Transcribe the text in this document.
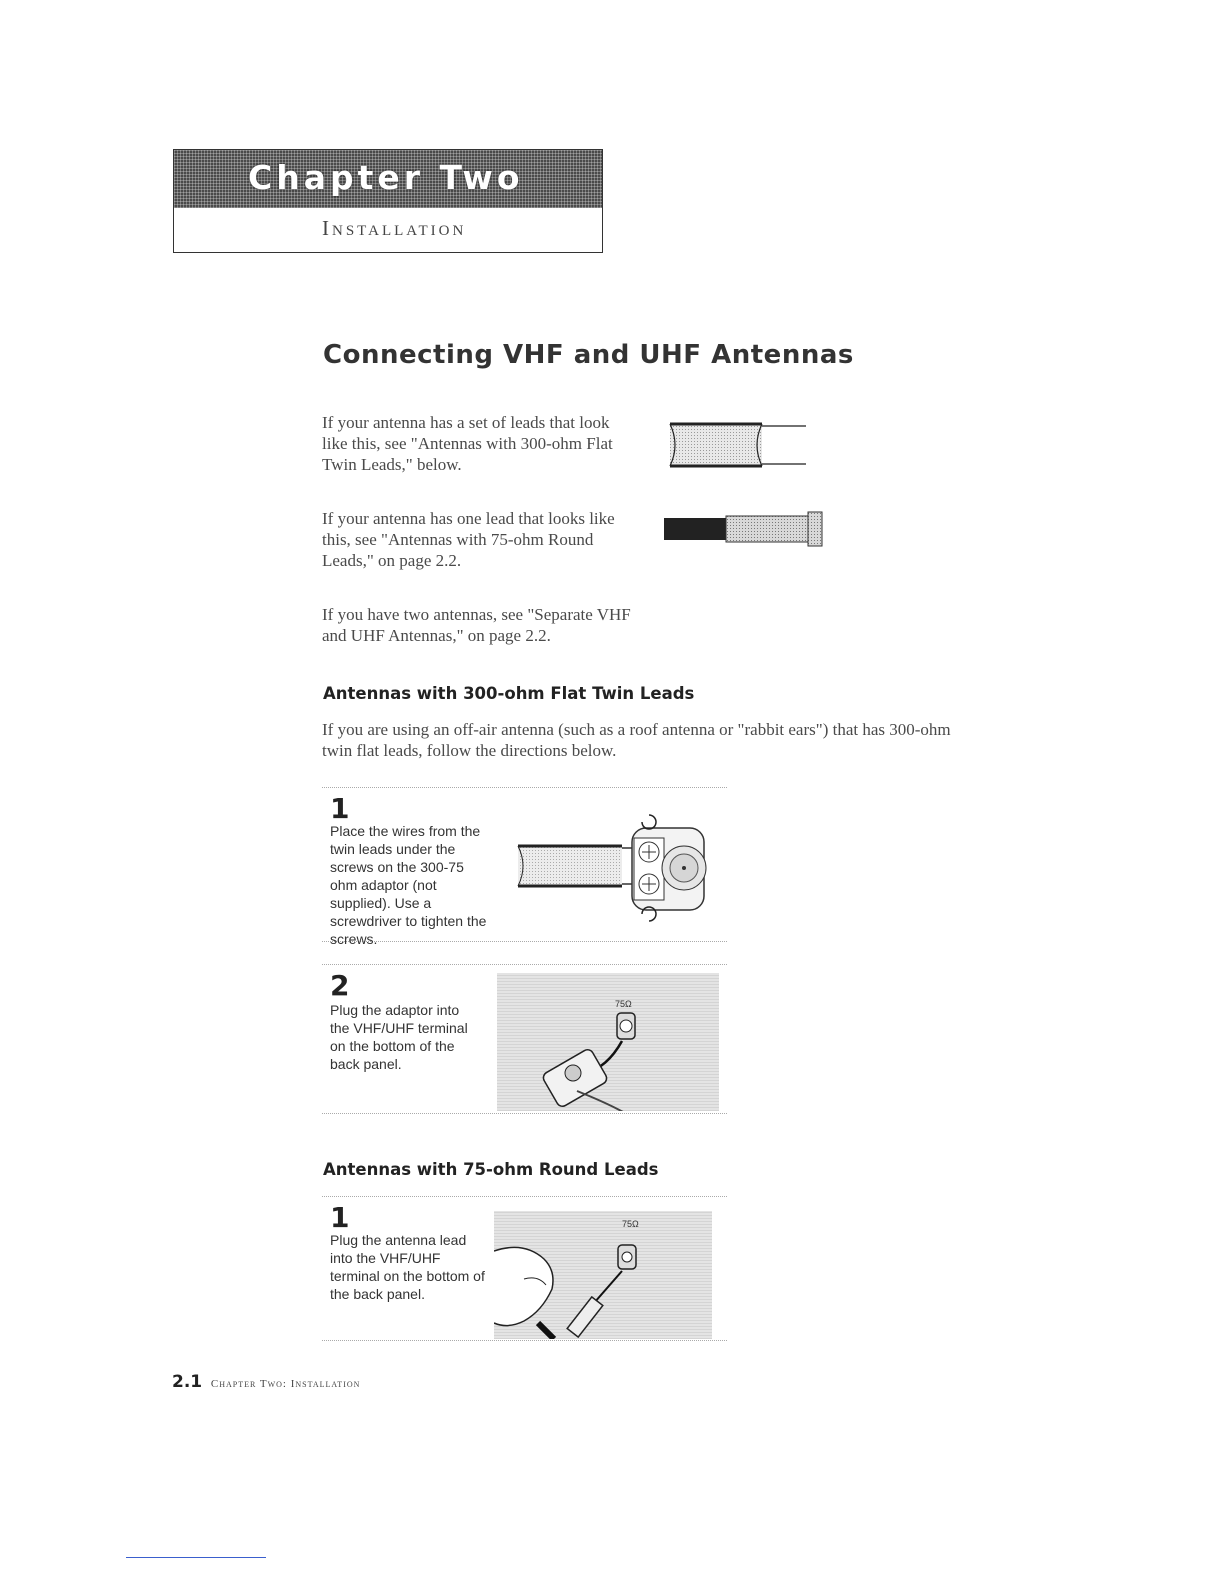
Chapter Two
Installation
Connecting VHF and UHF Antennas

If your antenna has a set of leads that look like this, see "Antennas with 300-ohm Flat Twin Leads," below.

If your antenna has one lead that looks like this, see "Antennas with 75-ohm Round Leads," on page 2.2.

If you have two antennas, see "Separate VHF and UHF Antennas," on page 2.2.

Antennas with 300-ohm Flat Twin Leads

If you are using an off-air antenna (such as a roof antenna or "rabbit ears") that has 300-ohm twin flat leads, follow the directions below.

1

Place the wires from the twin leads under the screws on the 300-75 ohm adaptor (not supplied). Use a screwdriver to tighten the screws.

2

Plug the adaptor into the VHF/UHF terminal on the bottom of the back panel.

75Ω
Antennas with 75-ohm Round Leads
1

Plug the antenna lead into the VHF/UHF terminal on the bottom of the back panel.

75Ω
2.1 Chapter Two: Installation
